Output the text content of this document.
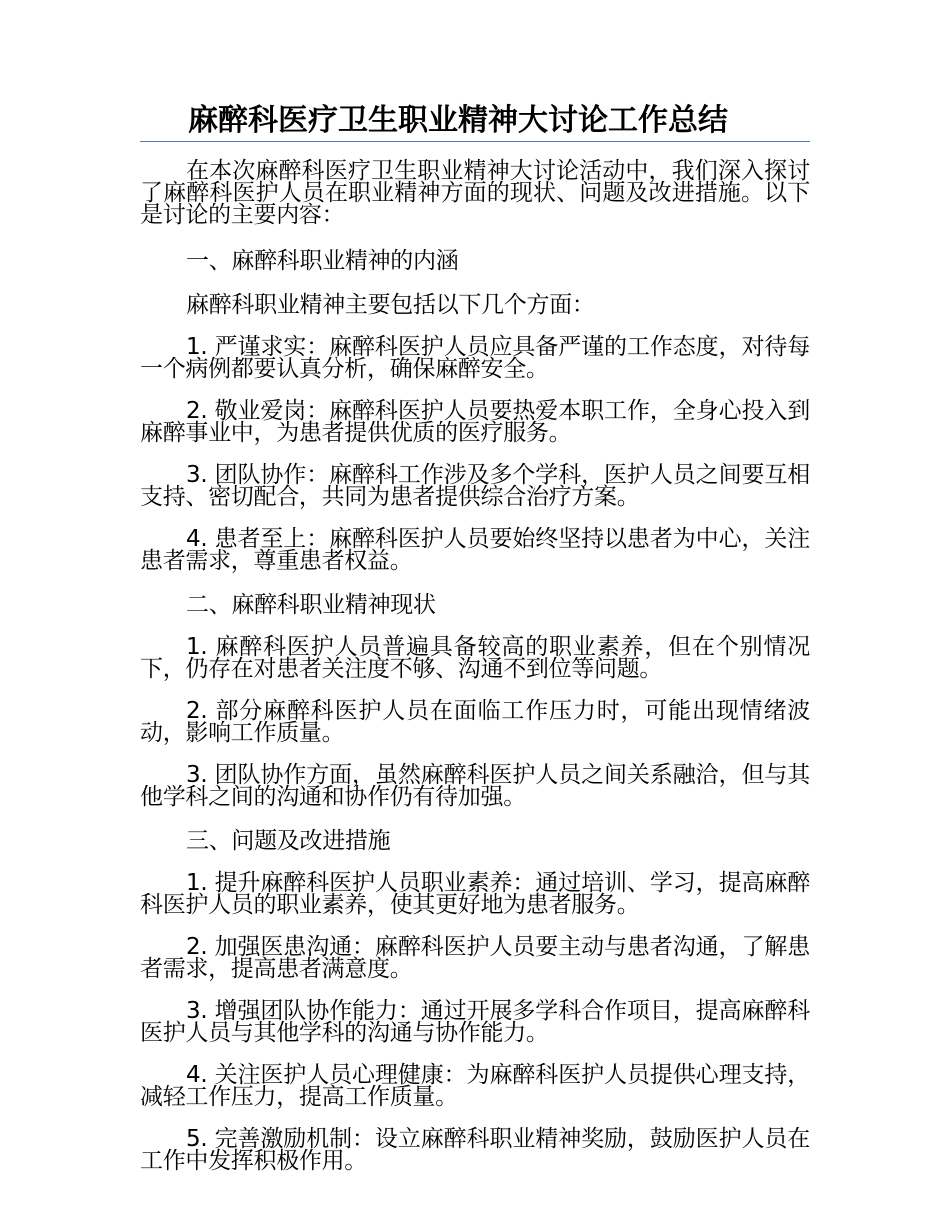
麻醉科医疗卫生职业精神大讨论工作总结

在本次麻醉科医疗卫生职业精神大讨论活动中，我们深入探讨了麻醉科医护人员在职业精神方面的现状、问题及改进措施。以下是讨论的主要内容：

一、麻醉科职业精神的内涵

麻醉科职业精神主要包括以下几个方面：

1. 严谨求实：麻醉科医护人员应具备严谨的工作态度，对待每一个病例都要认真分析，确保麻醉安全。

2. 敬业爱岗：麻醉科医护人员要热爱本职工作，全身心投入到麻醉事业中，为患者提供优质的医疗服务。

3. 团队协作：麻醉科工作涉及多个学科，医护人员之间要互相支持、密切配合，共同为患者提供综合治疗方案。

4. 患者至上：麻醉科医护人员要始终坚持以患者为中心，关注患者需求，尊重患者权益。

二、麻醉科职业精神现状

1. 麻醉科医护人员普遍具备较高的职业素养，但在个别情况下，仍存在对患者关注度不够、沟通不到位等问题。

2. 部分麻醉科医护人员在面临工作压力时，可能出现情绪波动，影响工作质量。

3. 团队协作方面，虽然麻醉科医护人员之间关系融洽，但与其他学科之间的沟通和协作仍有待加强。

三、问题及改进措施

1. 提升麻醉科医护人员职业素养：通过培训、学习，提高麻醉科医护人员的职业素养，使其更好地为患者服务。

2. 加强医患沟通：麻醉科医护人员要主动与患者沟通，了解患者需求，提高患者满意度。

3. 增强团队协作能力：通过开展多学科合作项目，提高麻醉科医护人员与其他学科的沟通与协作能力。

4. 关注医护人员心理健康：为麻醉科医护人员提供心理支持，减轻工作压力，提高工作质量。

5. 完善激励机制：设立麻醉科职业精神奖励，鼓励医护人员在工作中发挥积极作用。
